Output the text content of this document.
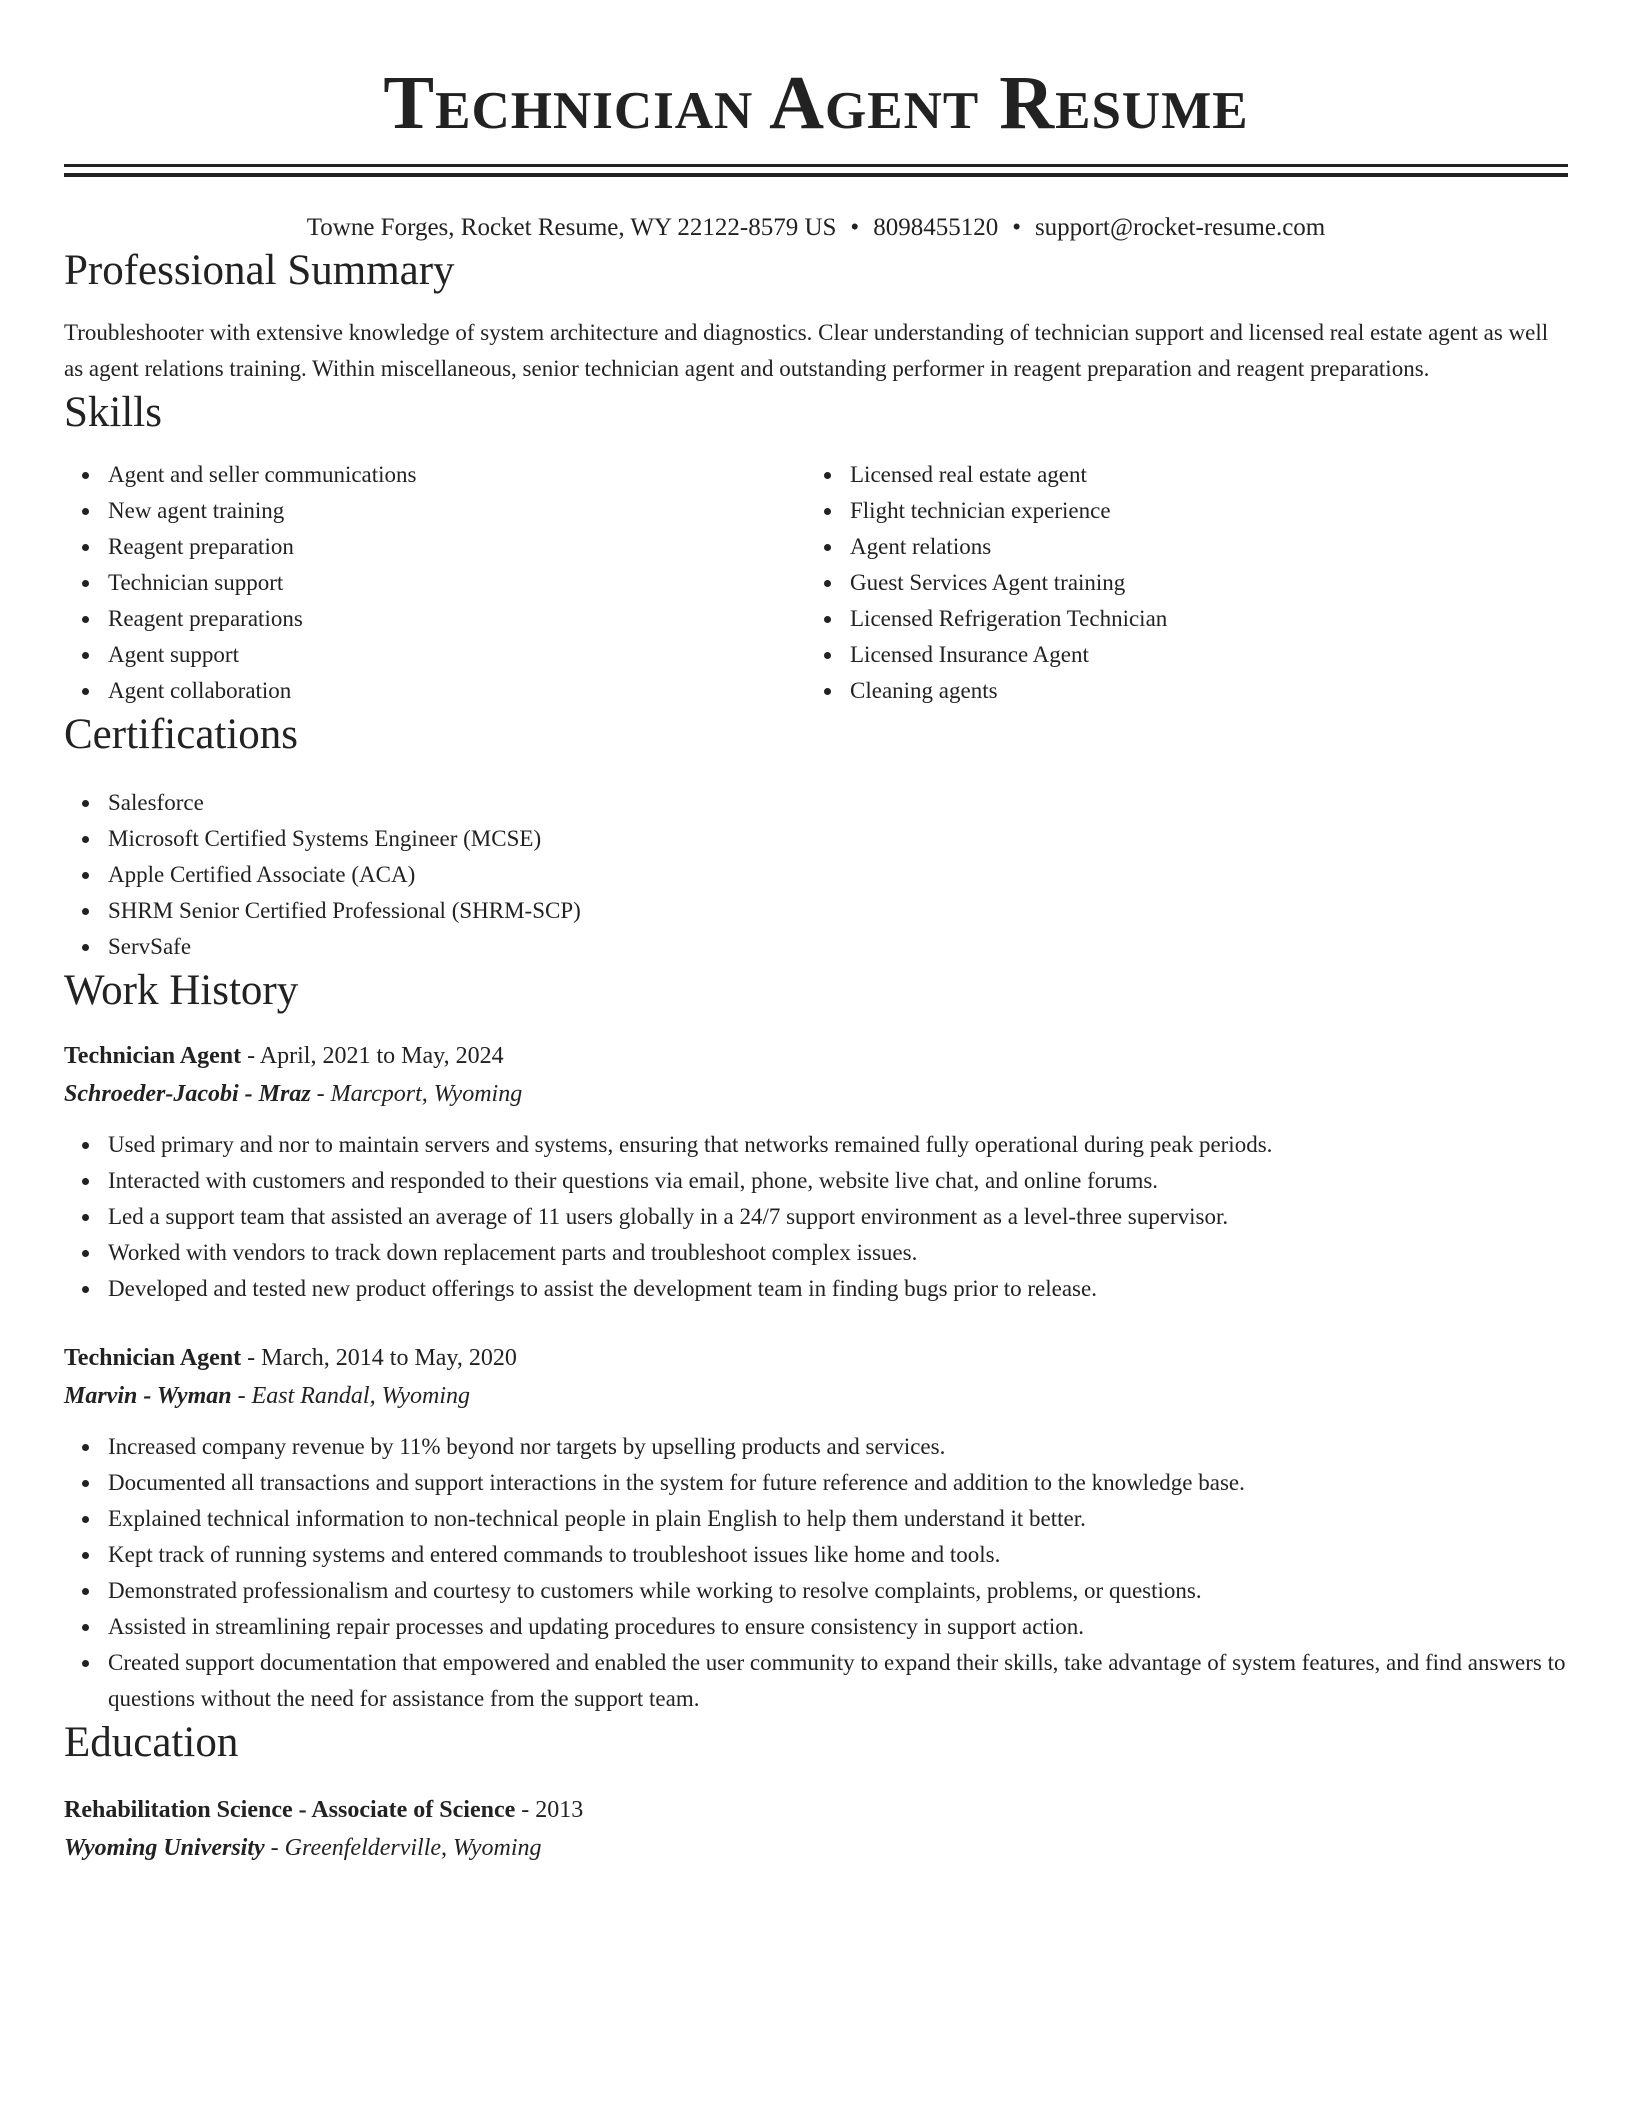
Technician Agent Resume
Towne Forges, Rocket Resume, WY 22122-8579 US • 8098455120 • support@rocket-resume.com
Professional Summary

Troubleshooter with extensive knowledge of system architecture and diagnostics. Clear understanding of technician support and licensed real estate agent as well as agent relations training. Within miscellaneous, senior technician agent and outstanding performer in reagent preparation and reagent preparations.

Skills
Agent and seller communications
New agent training
Reagent preparation
Technician support
Reagent preparations
Agent support
Agent collaboration
Licensed real estate agent
Flight technician experience
Agent relations
Guest Services Agent training
Licensed Refrigeration Technician
Licensed Insurance Agent
Cleaning agents
Certifications
Salesforce
Microsoft Certified Systems Engineer (MCSE)
Apple Certified Associate (ACA)
SHRM Senior Certified Professional (SHRM-SCP)
ServSafe
Work History
Technician Agent - April, 2021 to May, 2024
Schroeder-Jacobi - Mraz - Marcport, Wyoming
Used primary and nor to maintain servers and systems, ensuring that networks remained fully operational during peak periods.
Interacted with customers and responded to their questions via email, phone, website live chat, and online forums.
Led a support team that assisted an average of 11 users globally in a 24/7 support environment as a level-three supervisor.
Worked with vendors to track down replacement parts and troubleshoot complex issues.
Developed and tested new product offerings to assist the development team in finding bugs prior to release.
Technician Agent - March, 2014 to May, 2020
Marvin - Wyman - East Randal, Wyoming
Increased company revenue by 11% beyond nor targets by upselling products and services.
Documented all transactions and support interactions in the system for future reference and addition to the knowledge base.
Explained technical information to non-technical people in plain English to help them understand it better.
Kept track of running systems and entered commands to troubleshoot issues like home and tools.
Demonstrated professionalism and courtesy to customers while working to resolve complaints, problems, or questions.
Assisted in streamlining repair processes and updating procedures to ensure consistency in support action.
Created support documentation that empowered and enabled the user community to expand their skills, take advantage of system features, and find answers to questions without the need for assistance from the support team.
Education
Rehabilitation Science - Associate of Science - 2013
Wyoming University - Greenfelderville, Wyoming
